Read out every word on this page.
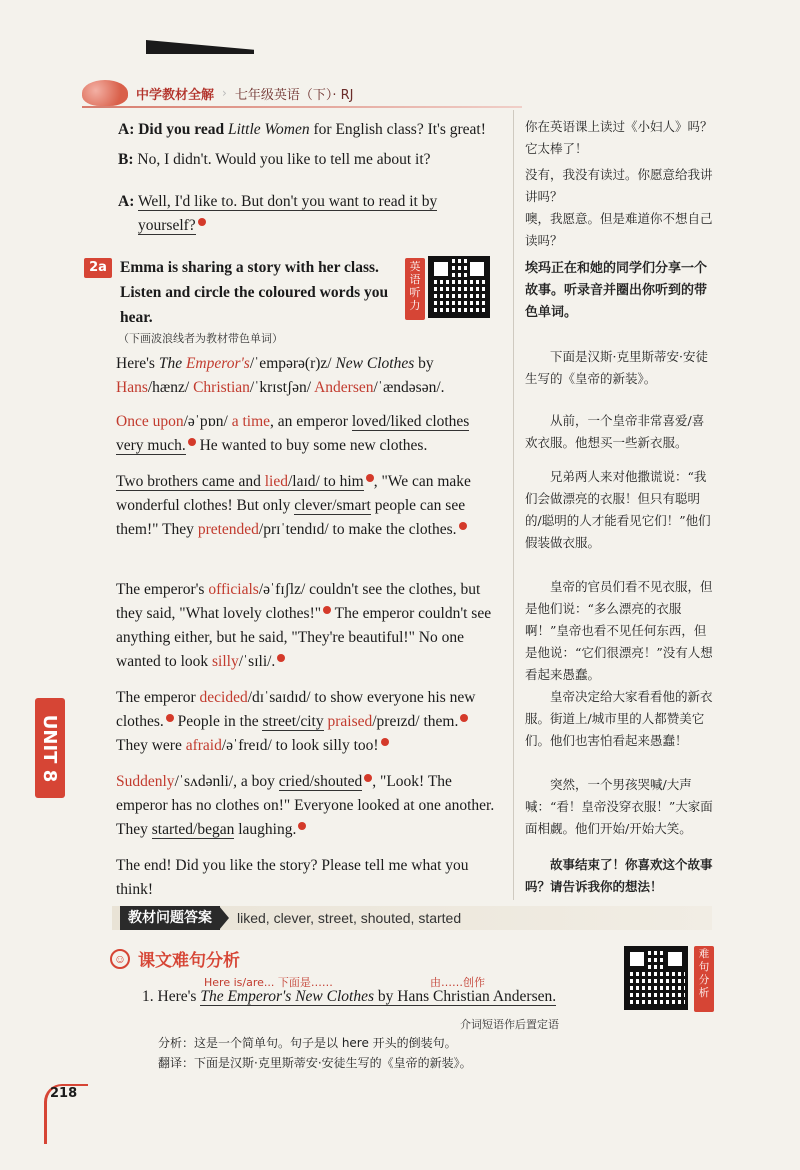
中学教材全解 › 七年级英语（下）· RJ

A: Did you read Little Women for English class? It's great!

B: No, I didn't. Would you like to tell me about it?

A: Well, I'd like to. But don't you want to read it by yourself?

你在英语课上读过《小妇人》吗？它太棒了！

没有，我没有读过。你愿意给我讲讲吗？

噢，我愿意。但是难道你不想自己读吗？

2a Emma is sharing a story with her class. Listen and circle the coloured words you hear.
英语听力
（下画波浪线者为教材带色单词）
埃玛正在和她的同学们分享一个故事。听录音并圈出你听到的带色单词。
Here's The Emperor's/ˈempərə(r)z/ New Clothes by Hans/hænz/ Christian/ˈkrɪstʃən/ Andersen/ˈændəsən/.
Once upon/əˈpɒn/ a time, an emperor loved/liked clothes very much. He wanted to buy some new clothes.
Two brothers came and lied/laɪd/ to him , "We can make wonderful clothes! But only clever/smart people can see them!" They pretended/prɪˈtendɪd/ to make the clothes.
The emperor's officials/əˈfɪʃlz/ couldn't see the clothes, but they said, "What lovely clothes!" The emperor couldn't see anything either, but he said, "They're beautiful!" No one wanted to look silly/ˈsɪli/.
The emperor decided/dɪˈsaɪdɪd/ to show everyone his new clothes. People in the street/city praised/preɪzd/ them. They were afraid/əˈfreɪd/ to look silly too!
Suddenly/ˈsʌdənli/, a boy cried/shouted , "Look! The emperor has no clothes on!" Everyone looked at one another. They started/began laughing.
The end! Did you like the story? Please tell me what you think!
下面是汉斯·克里斯蒂安·安徒生写的《皇帝的新装》。
从前，一个皇帝非常喜爱/喜欢衣服。他想买一些新衣服。
兄弟两人来对他撒谎说：“我们会做漂亮的衣服！但只有聪明的/聪明的人才能看见它们！”他们假装做衣服。
皇帝的官员们看不见衣服，但是他们说：“多么漂亮的衣服啊！”皇帝也看不见任何东西，但是他说：“它们很漂亮！”没有人想看起来愚蠢。
皇帝决定给大家看看他的新衣服。街道上/城市里的人都赞美它们。他们也害怕看起来愚蠢！
突然，一个男孩哭喊/大声喊：“看！皇帝没穿衣服！”大家面面相觑。他们开始/开始大笑。
故事结束了！你喜欢这个故事吗？请告诉我你的想法！
UNIT 8
教材问题答案	liked, clever, street, shouted, started
☺ 课文难句分析	难句分析
Here is/are... 下面是……	由……创作
1. Here's The Emperor's New Clothes by Hans Christian Andersen.
介词短语作后置定语
分析：这是一个简单句。句子是以 here 开头的倒装句。
翻译：下面是汉斯·克里斯蒂安·安徒生写的《皇帝的新装》。
218
